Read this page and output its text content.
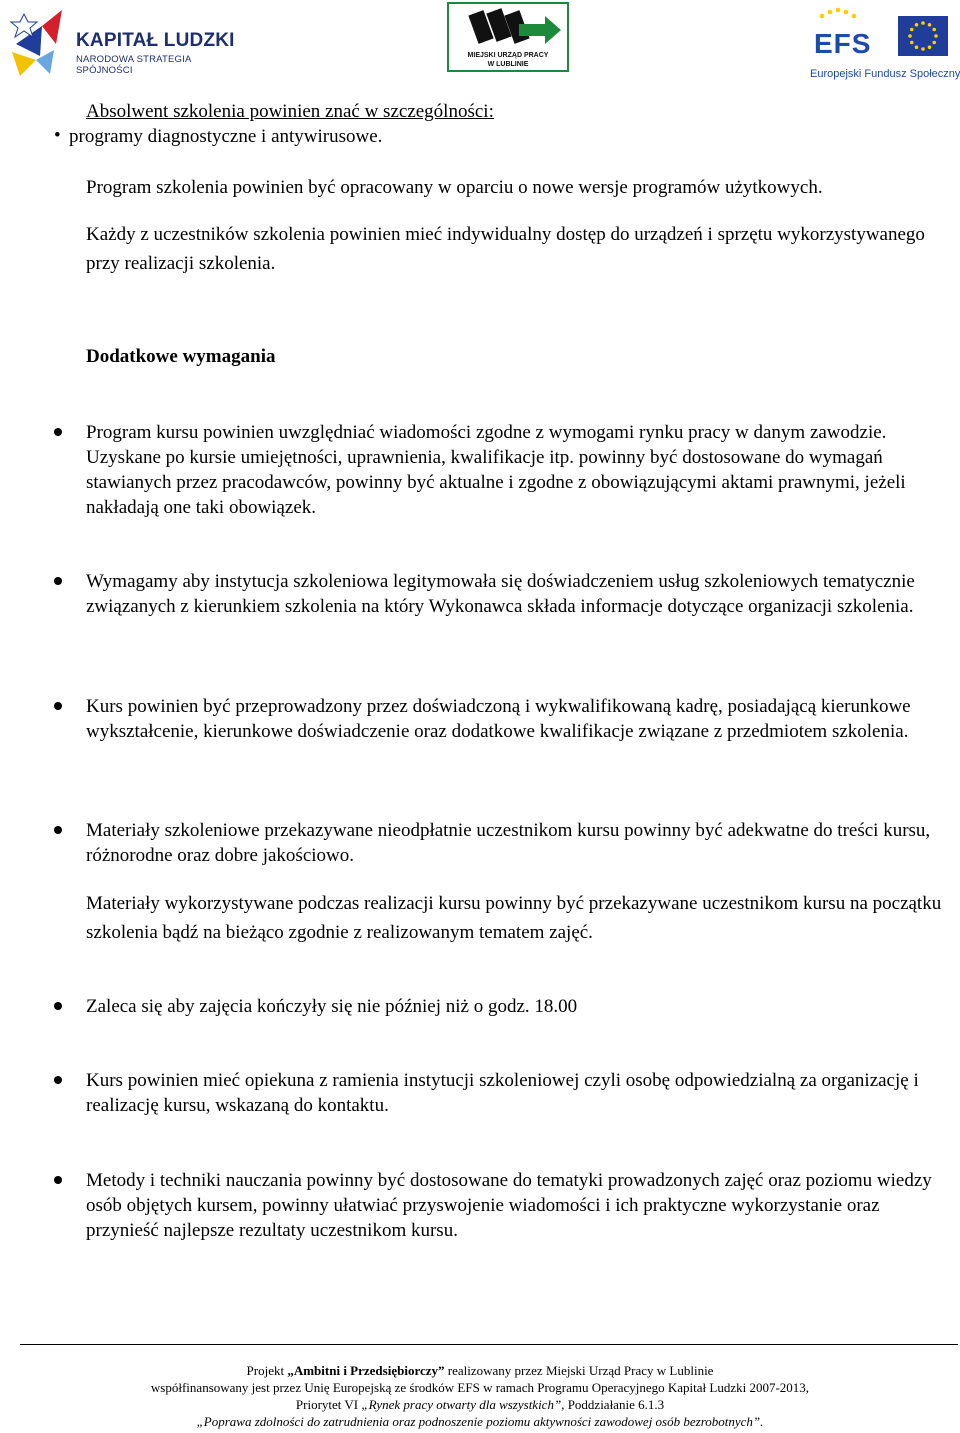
KAPITAŁ LUDZKI
NARODOWA STRATEGIA SPÓJNOŚCI
MIEJSKI URZĄD PRACY
W LUBLINIE
EFS
Europejski Fundusz Społeczny
Absolwent szkolenia powinien znać w szczególności:
• programy diagnostyczne i antywirusowe.
Program szkolenia powinien być opracowany w oparciu o nowe wersje programów użytkowych.
Każdy z uczestników szkolenia powinien mieć indywidualny dostęp do urządzeń i sprzętu wykorzystywanego przy realizacji szkolenia.
Dodatkowe wymagania
Program kursu powinien uwzględniać wiadomości zgodne z wymogami rynku pracy w danym zawodzie. Uzyskane po kursie umiejętności, uprawnienia, kwalifikacje itp. powinny być dostosowane do wymagań stawianych przez pracodawców, powinny być aktualne i zgodne z obowiązującymi aktami prawnymi, jeżeli nakładają one taki obowiązek.
Wymagamy aby instytucja szkoleniowa legitymowała się doświadczeniem usług szkoleniowych tematycznie związanych z kierunkiem szkolenia na który Wykonawca składa informacje dotyczące organizacji szkolenia.
Kurs powinien być przeprowadzony przez doświadczoną i wykwalifikowaną kadrę, posiadającą kierunkowe wykształcenie, kierunkowe doświadczenie oraz dodatkowe kwalifikacje związane z przedmiotem szkolenia.
Materiały szkoleniowe przekazywane nieodpłatnie uczestnikom kursu powinny być adekwatne do treści kursu, różnorodne oraz dobre jakościowo.
Materiały wykorzystywane podczas realizacji kursu powinny być przekazywane uczestnikom kursu na początku szkolenia bądź na bieżąco zgodnie z realizowanym tematem zajęć.
Zaleca się aby zajęcia kończyły się nie później niż o godz. 18.00
Kurs powinien mieć opiekuna z ramienia instytucji szkoleniowej czyli osobę odpowiedzialną za organizację i realizację kursu, wskazaną do kontaktu.
Metody i techniki nauczania powinny być dostosowane do tematyki prowadzonych zajęć oraz poziomu wiedzy osób objętych kursem, powinny ułatwiać przyswojenie wiadomości i ich praktyczne wykorzystanie oraz przynieść najlepsze rezultaty uczestnikom kursu.
Projekt „Ambitni i Przedsiębiorczy” realizowany przez Miejski Urząd Pracy w Lublinie
współfinansowany jest przez Unię Europejską ze środków EFS w ramach Programu Operacyjnego Kapitał Ludzki 2007-2013,
Priorytet VI „Rynek pracy otwarty dla wszystkich”, Poddziałanie 6.1.3
„Poprawa zdolności do zatrudnienia oraz podnoszenie poziomu aktywności zawodowej osób bezrobotnych”.
